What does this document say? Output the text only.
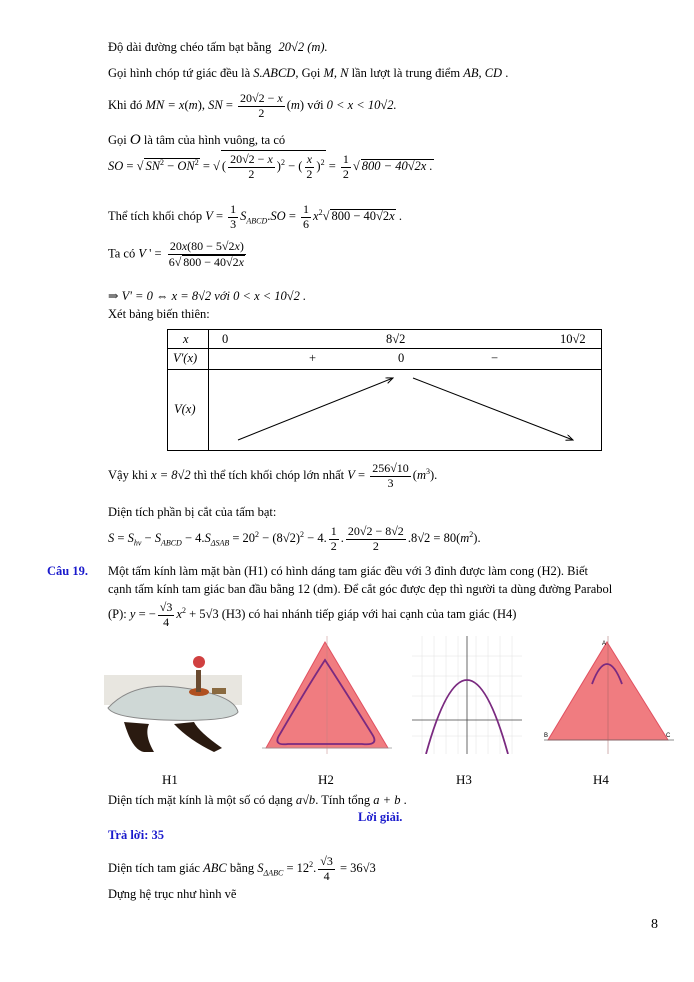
Độ dài đường chéo tấm bạt bằng 20√2 (m).
Gọi hình chóp tứ giác đều là S.ABCD, Gọi M, N lần lượt là trung điểm AB, CD .
Khi đó MN = x(m), SN = $\frac{20√2 - x}{2} (m)$ với 0 < x < 10√2.
Gọi O là tâm của hình vuông, ta có
SO = √ $SN^2 - ON^2$ = √ ( $\frac{20√2 - x}{2} )^2$ − ( $\frac{x}{2} )^2 = \frac{1}{2}$ √ 800 − 40√2x .
Thể tích khối chóp $V = \frac{1}{3} S_{ABCD}.SO = \frac{1}{6} x^2√$ 800 − 40√2x .
Ta có V ' = $\frac{20x(80 - 5√2x)}{6√ 800 - 40√2x}$
⇒ V' = 0 ⇔ x = 8√2 với 0 < x < 10√2 .
Xét bảng biến thiên:
x	0	8√2	10√2
V'(x)	+	0	−
V(x)
Vậy khi x = 8√2 thì thể tích khối chóp lớn nhất $V = \frac{256√10}{3} (m^3)$.
Diện tích phần bị cắt của tấm bạt:
$S = S_{hv} - S_{ABCD} - 4.S_{\Delta SAB} = 20^2 - (8√2)^2 - 4$. $\frac{1}{2}$ . $\frac{20√2 - 8√2}{2} .8√2 = 80(m^2)$.
Câu 19. Một tấm kính làm mặt bàn (H1) có hình dáng tam giác đều với 3 đỉnh được làm cong (H2). Biết
cạnh tấm kính tam giác ban đầu bằng 12 (dm). Để cắt góc được đẹp thì người ta dùng đường Parabol
(P): y = − $\frac{√3}{4} x^2 + 5√3$ (H3) có hai nhánh tiếp giáp với hai cạnh của tam giác (H4)
A
B	C
H1	H2	H3	H4
Diện tích mặt kính là một số có dạng a√b. Tính tổng a + b .
Lời giải.
Trả lời: 35
Diện tích tam giác ABC bằng $S_{\Delta ABC} = 12^2$. $\frac{√3}{4} = 36√3$
Dựng hệ trục như hình vẽ
8
